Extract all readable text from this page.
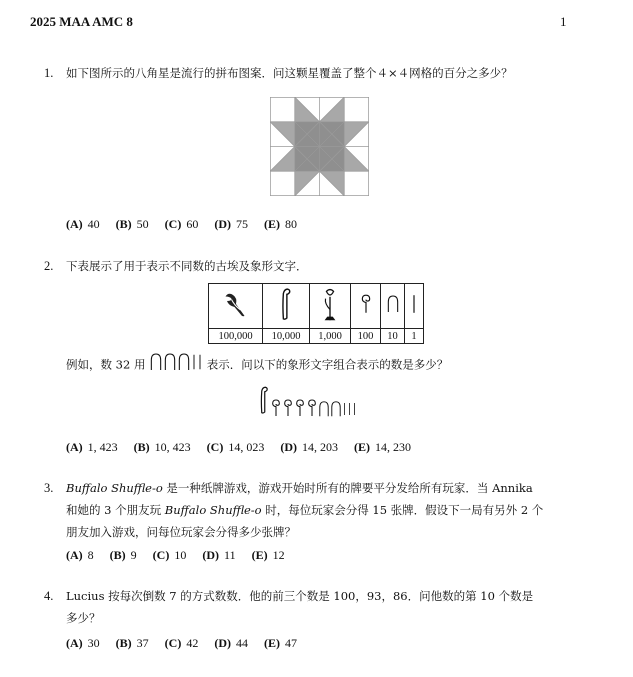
2025 MAA AMC 8	1
1. 如下图所示的八角星是流行的拼布图案．问这颗星覆盖了整个４×４网格的百分之多少？
(A) 40 (B) 50 (C) 60 (D) 75 (E) 80
2. 下表展示了用于表示不同数的古埃及象形文字．

100,000	10,000	1,000	100	10	1
例如，数 32 用	表示．问以下的象形文字组合表示的数是多少？
(A) 1, 423 (B) 10, 423 (C) 14, 023 (D) 14, 203 (E) 14, 230
3. Buffalo Shuffle-o 是一种纸牌游戏，游戏开始时所有的牌要平分发给所有玩家．当 Annika
和她的 3 个朋友玩 Buffalo Shuffle-o 时，每位玩家会分得 15 张牌．假设下一局有另外 2 个
朋友加入游戏，问每位玩家会分得多少张牌？
(A) 8 (B) 9 (C) 10 (D) 11 (E) 12
4. Lucius 按每次倒数 7 的方式数数．他的前三个数是 100，93，86．问他数的第 10 个数是
多少？
(A) 30 (B) 37 (C) 42 (D) 44 (E) 47
